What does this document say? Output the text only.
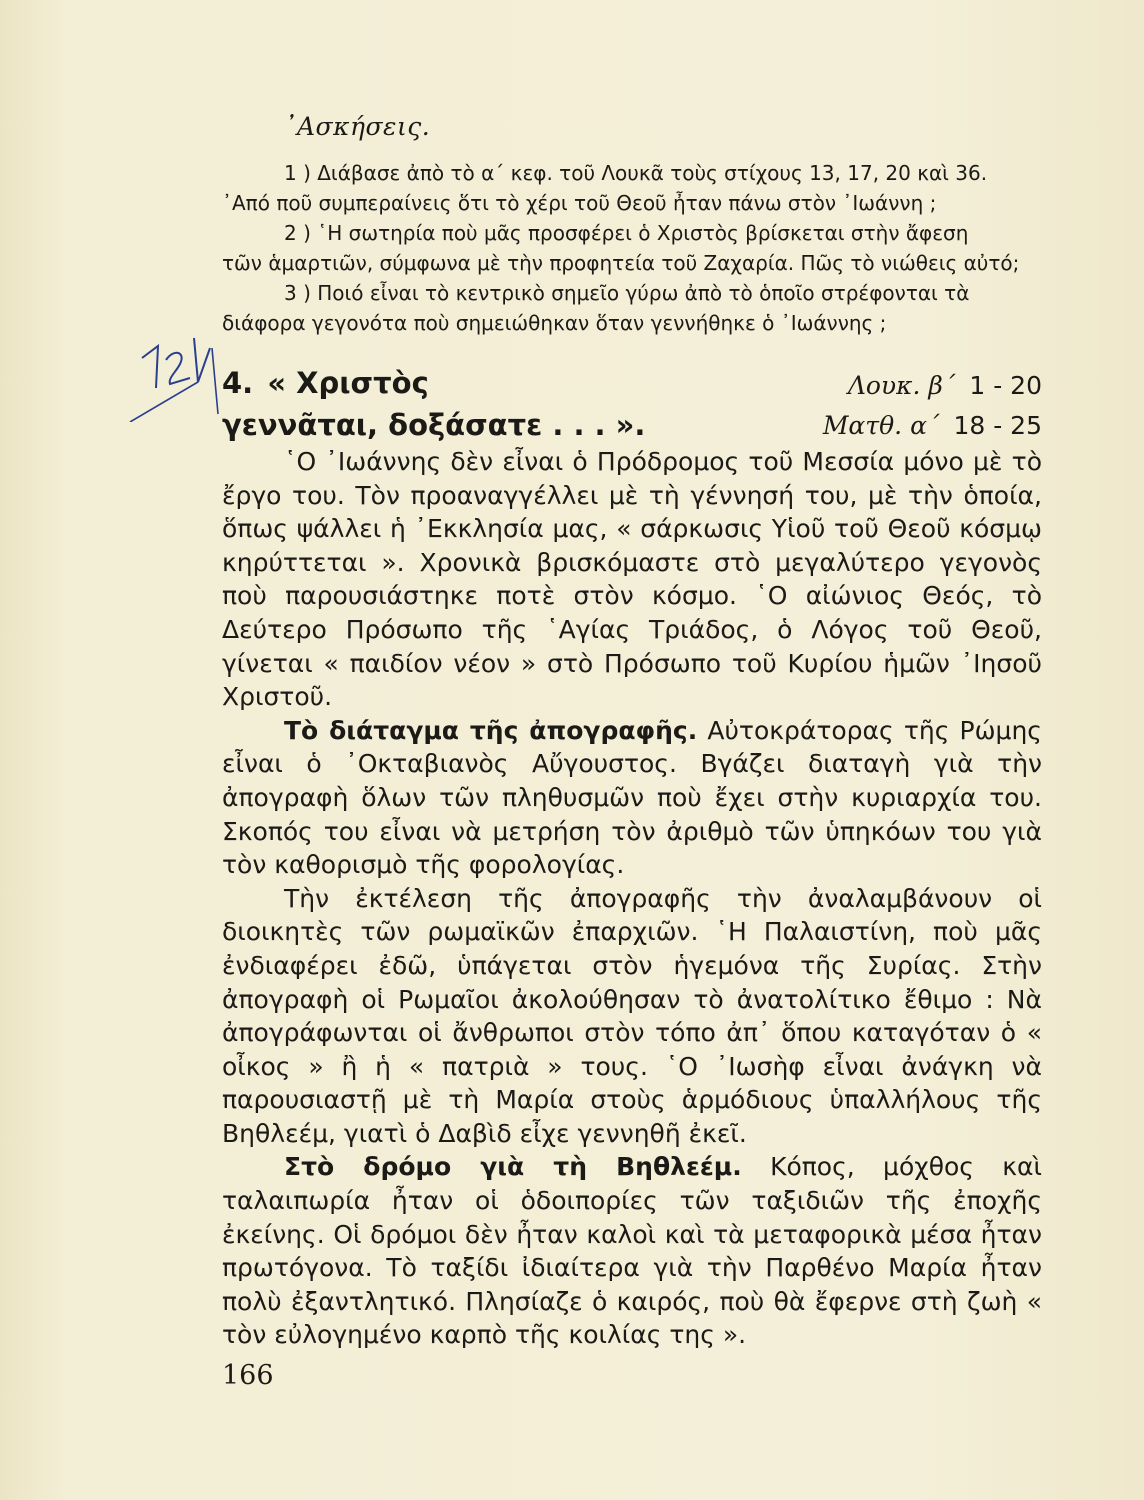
᾿Ασκήσεις.

1 ) Διάβασε ἀπὸ τὸ α΄ κεφ. τοῦ Λουκᾶ τοὺς στίχους 13, 17, 20 καὶ 36.

᾿Από ποῦ συμπεραίνεις ὅτι τὸ χέρι τοῦ Θεοῦ ἦταν πάνω στὸν ᾿Ιωάννη ;

2 ) ῾Η σωτηρία ποὺ μᾶς προσφέρει ὁ Χριστὸς βρίσκεται στὴν ἄφεση

τῶν ἁμαρτιῶν, σύμφωνα μὲ τὴν προφητεία τοῦ Ζαχαρία. Πῶς τὸ νιώθεις αὐτό;

3 ) Ποιό εἶναι τὸ κεντρικὸ σημεῖο γύρω ἀπὸ τὸ ὁποῖο στρέφονται τὰ

διάφορα γεγονότα ποὺ σημειώθηκαν ὅταν γεννήθηκε ὁ ᾿Ιωάννης ;

4. « Χριστὸς
γεννᾶται, δοξάσατε . . . ».
Λουκ. β΄ 1 - 20
Ματθ. α΄ 18 - 25

῾Ο ᾿Ιωάννης δὲν εἶναι ὁ Πρόδρομος τοῦ Μεσσία μόνο μὲ τὸ ἔργο του. Τὸν προαναγγέλλει μὲ τὴ γέννησή του, μὲ τὴν ὁποία, ὅπως ψάλλει ἡ ᾿Εκκλησία μας, « σάρκωσις Υἱοῦ τοῦ Θεοῦ κόσμῳ κηρύττεται ». Χρονικὰ βρισκόμαστε στὸ μεγαλύτερο γεγονὸς ποὺ παρουσιάστηκε ποτὲ στὸν κόσμο. ῾Ο αἰώνιος Θεός, τὸ Δεύτερο Πρόσωπο τῆς ῾Αγίας Τριάδος, ὁ Λόγος τοῦ Θεοῦ, γίνεται « παιδίον νέον » στὸ Πρόσωπο τοῦ Κυρίου ἡμῶν ᾿Ιησοῦ Χριστοῦ.

Τὸ διάταγμα τῆς ἀπογραφῆς. Αὐτοκράτορας τῆς Ρώμης εἶναι ὁ ᾿Οκταβιανὸς Αὔγουστος. Βγάζει διαταγὴ γιὰ τὴν ἀπογραφὴ ὅλων τῶν πληθυσμῶν ποὺ ἔχει στὴν κυριαρχία του. Σκοπός του εἶναι νὰ μετρήση τὸν ἀριθμὸ τῶν ὑπηκόων του γιὰ τὸν καθορισμὸ τῆς φορολογίας.

Τὴν ἐκτέλεση τῆς ἀπογραφῆς τὴν ἀναλαμβάνουν οἱ διοικητὲς τῶν ρωμαϊκῶν ἐπαρχιῶν. ῾Η Παλαιστίνη, ποὺ μᾶς ἐνδιαφέρει ἐδῶ, ὑπάγεται στὸν ἡγεμόνα τῆς Συρίας. Στὴν ἀπογραφὴ οἱ Ρωμαῖοι ἀκολούθησαν τὸ ἀνατολίτικο ἔθιμο : Νὰ ἀπογράφωνται οἱ ἄνθρωποι στὸν τόπο ἀπ᾿ ὅπου καταγόταν ὁ « οἶκος » ἢ ἡ « πατριὰ » τους. ῾Ο ᾿Ιωσὴφ εἶναι ἀνάγκη νὰ παρουσιαστῇ μὲ τὴ Μαρία στοὺς ἁρμόδιους ὑπαλλήλους τῆς Βηθλεέμ, γιατὶ ὁ Δαβὶδ εἶχε γεννηθῆ ἐκεῖ.

Στὸ δρόμο γιὰ τὴ Βηθλεέμ. Κόπος, μόχθος καὶ ταλαιπωρία ἦταν οἱ ὁδοιπορίες τῶν ταξιδιῶν τῆς ἐποχῆς ἐκείνης. Οἱ δρόμοι δὲν ἦταν καλοὶ καὶ τὰ μεταφορικὰ μέσα ἦταν πρωτόγονα. Τὸ ταξίδι ἰδιαίτερα γιὰ τὴν Παρθένο Μαρία ἦταν πολὺ ἐξαντλητικό. Πλησίαζε ὁ καιρός, ποὺ θὰ ἔφερνε στὴ ζωὴ « τὸν εὐλογημένο καρπὸ τῆς κοιλίας της ».

166
